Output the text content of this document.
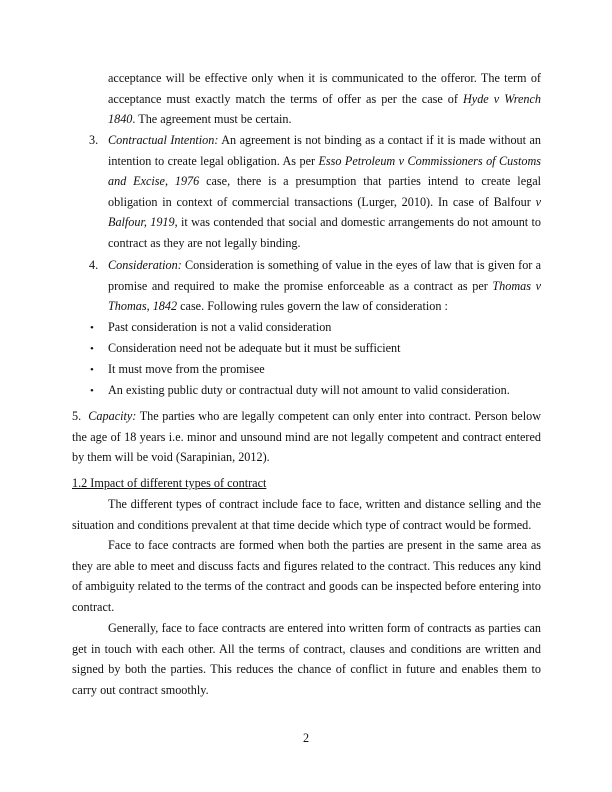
acceptance will be effective only when it is communicated to the offeror. The term of acceptance must exactly match the terms of offer as per the case of Hyde v Wrench 1840. The agreement must be certain.

3. Contractual Intention: An agreement is not binding as a contact if it is made without an intention to create legal obligation. As per Esso Petroleum v Commissioners of Customs and Excise, 1976 case, there is a presumption that parties intend to create legal obligation in context of commercial transactions (Lurger, 2010). In case of Balfour v Balfour, 1919, it was contended that social and domestic arrangements do not amount to contract as they are not legally binding.

4. Consideration: Consideration is something of value in the eyes of law that is given for a promise and required to make the promise enforceable as a contract as per Thomas v Thomas, 1842 case. Following rules govern the law of consideration :

• Past consideration is not a valid consideration
• Consideration need not be adequate but it must be sufficient
• It must move from the promisee
• An existing public duty or contractual duty will not amount to valid consideration.

5. Capacity: The parties who are legally competent can only enter into contract. Person below the age of 18 years i.e. minor and unsound mind are not legally competent and contract entered by them will be void (Sarapinian, 2012).

1.2 Impact of different types of contract
The different types of contract include face to face, written and distance selling and the situation and conditions prevalent at that time decide which type of contract would be formed.
Face to face contracts are formed when both the parties are present in the same area as they are able to meet and discuss facts and figures related to the contract. This reduces any kind of ambiguity related to the terms of the contract and goods can be inspected before entering into contract.
Generally, face to face contracts are entered into written form of contracts as parties can get in touch with each other. All the terms of contract, clauses and conditions are written and signed by both the parties. This reduces the chance of conflict in future and enables them to carry out contract smoothly.
2
